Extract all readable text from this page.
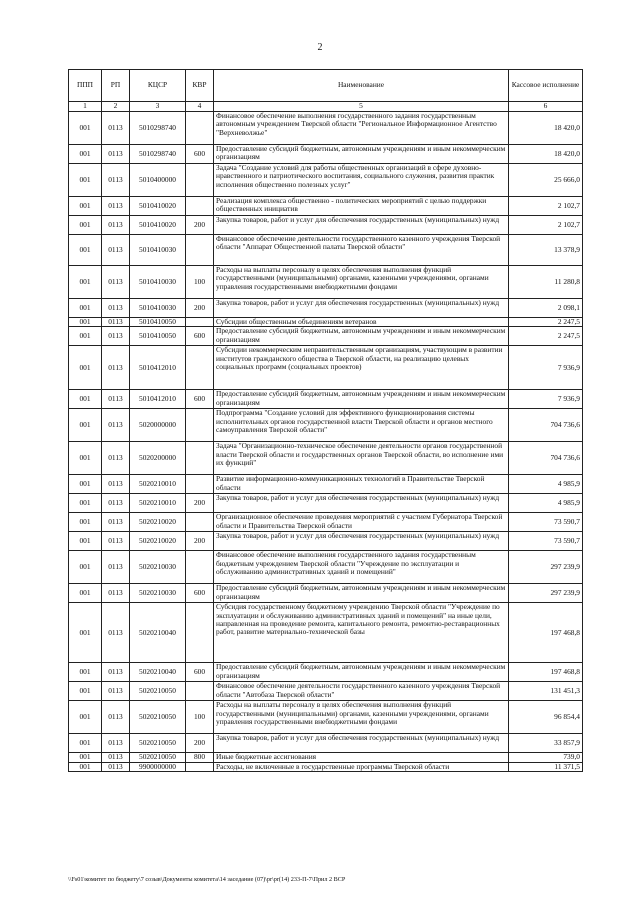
2
ППП	РП	КЦСР	КВР	Наименование	Кассовое исполнение
1	2	3	4	5	6
001	0113	5010298740		Финансовое обеспечение выполнения государственного задания государственным автономным учреждением Тверской области "Региональное Информационное Агентство "Верхневолжье"	18 420,0
001	0113	5010298740	600	Предоставление субсидий бюджетным, автономным учреждениям и иным некоммерческим организациям	18 420,0
001	0113	5010400000		Задача "Создание условий для работы общественных организаций в сфере духовно-нравственного и патриотического воспитания, социального служения, развития практик исполнения общественно полезных услуг"	25 666,0
001	0113	5010410020		Реализация комплекса общественно - политических мероприятий с целью поддержки общественных инициатив	2 102,7
001	0113	5010410020	200	Закупка товаров, работ и услуг для обеспечения государственных (муниципальных) нужд	2 102,7
001	0113	5010410030		Финансовое обеспечение деятельности государственного казенного учреждения Тверской области "Аппарат Общественной палаты Тверской области"	13 378,9
001	0113	5010410030	100	Расходы на выплаты персоналу в целях обеспечения выполнения функций государственными (муниципальными) органами, казенными учреждениями, органами управления государственными внебюджетными фондами	11 280,8
001	0113	5010410030	200	Закупка товаров, работ и услуг для обеспечения государственных (муниципальных) нужд	2 098,1
001	0113	5010410050		Субсидии общественным объединениям ветеранов	2 247,5
001	0113	5010410050	600	Предоставление субсидий бюджетным, автономным учреждениям и иным некоммерческим организациям	2 247,5
001	0113	5010412010		Субсидии некоммерческим неправительственным организациям, участвующим в развитии институтов гражданского общества в Тверской области, на реализацию целевых социальных программ (социальных проектов)	7 936,9
001	0113	5010412010	600	Предоставление субсидий бюджетным, автономным учреждениям и иным некоммерческим организациям	7 936,9
001	0113	5020000000		Подпрограмма "Создание условий для эффективного функционирования системы исполнительных органов государственной власти Тверской области и органов местного самоуправления Тверской области"	704 736,6
001	0113	5020200000		Задача "Организационно-техническое обеспечение деятельности органов государственной власти Тверской области и государственных органов Тверской области, во исполнение ими их функций"	704 736,6
001	0113	5020210010		Развитие информационно-коммуникационных технологий в Правительстве Тверской области	4 985,9
001	0113	5020210010	200	Закупка товаров, работ и услуг для обеспечения государственных (муниципальных) нужд	4 985,9
001	0113	5020210020		Организационное обеспечение проведения мероприятий с участием Губернатора Тверской области и Правительства Тверской области	73 590,7
001	0113	5020210020	200	Закупка товаров, работ и услуг для обеспечения государственных (муниципальных) нужд	73 590,7
001	0113	5020210030		Финансовое обеспечение выполнения государственного задания государственным бюджетным учреждением Тверской области "Учреждение по эксплуатации и обслуживанию административных зданий и помещений"	297 239,9
001	0113	5020210030	600	Предоставление субсидий бюджетным, автономным учреждениям и иным некоммерческим организациям	297 239,9
001	0113	5020210040		Субсидия государственному бюджетному учреждению Тверской области "Учреждение по эксплуатации и обслуживанию административных зданий и помещений" на иные цели, направленная на проведение ремонта, капитального ремонта, ремонтно-реставрационных работ, развитие материально-технической базы	197 468,8
001	0113	5020210040	600	Предоставление субсидий бюджетным, автономным учреждениям и иным некоммерческим организациям	197 468,8
001	0113	5020210050		Финансовое обеспечение деятельности государственного казенного учреждения Тверской области "Автобаза Тверской области"	131 451,3
001	0113	5020210050	100	Расходы на выплаты персоналу в целях обеспечения выполнения функций государственными (муниципальными) органами, казенными учреждениями, органами управления государственными внебюджетными фондами	96 854,4
001	0113	5020210050	200	Закупка товаров, работ и услуг для обеспечения государственных (муниципальных) нужд	33 857,9
001	0113	5020210050	800	Иные бюджетные ассигнования	739,0
001	0113	9900000000		Расходы, не включенные в государственные программы Тверской области	11 371,5
\\Fs01\комитет по бюджету\7 созыв\Документы комитета\14 заседание (07)\pr\pr(14) 233-П-7\Прил 2 ВСР
